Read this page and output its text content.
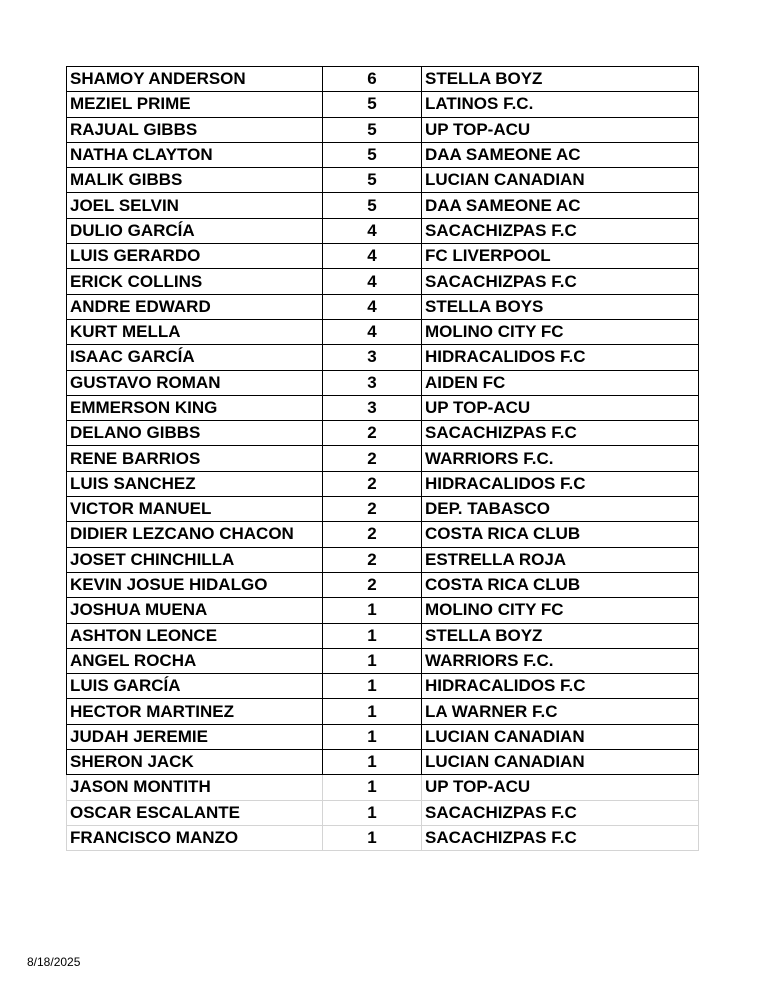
SHAMOY ANDERSON	6	STELLA BOYZ
MEZIEL PRIME	5	LATINOS F.C.
RAJUAL GIBBS	5	UP TOP-ACU
NATHA CLAYTON	5	DAA SAMEONE AC
MALIK GIBBS	5	LUCIAN CANADIAN
JOEL SELVIN	5	DAA SAMEONE AC
DULIO GARCÍA	4	SACACHIZPAS F.C
LUIS GERARDO	4	FC LIVERPOOL
ERICK COLLINS	4	SACACHIZPAS F.C
ANDRE EDWARD	4	STELLA BOYS
KURT MELLA	4	MOLINO CITY FC
ISAAC GARCÍA	3	HIDRACALIDOS F.C
GUSTAVO ROMAN	3	AIDEN FC
EMMERSON KING	3	UP TOP-ACU
DELANO GIBBS	2	SACACHIZPAS F.C
RENE BARRIOS	2	WARRIORS F.C.
LUIS SANCHEZ	2	HIDRACALIDOS F.C
VICTOR MANUEL	2	DEP. TABASCO
DIDIER LEZCANO CHACON	2	COSTA RICA CLUB
JOSET CHINCHILLA	2	ESTRELLA ROJA
KEVIN JOSUE HIDALGO	2	COSTA RICA CLUB
JOSHUA MUENA	1	MOLINO CITY FC
ASHTON LEONCE	1	STELLA BOYZ
ANGEL ROCHA	1	WARRIORS F.C.
LUIS GARCÍA	1	HIDRACALIDOS F.C
HECTOR MARTINEZ	1	LA WARNER F.C
JUDAH JEREMIE	1	LUCIAN CANADIAN
SHERON JACK	1	LUCIAN CANADIAN
JASON MONTITH	1	UP TOP-ACU
OSCAR ESCALANTE	1	SACACHIZPAS F.C
FRANCISCO MANZO	1	SACACHIZPAS F.C
8/18/2025
